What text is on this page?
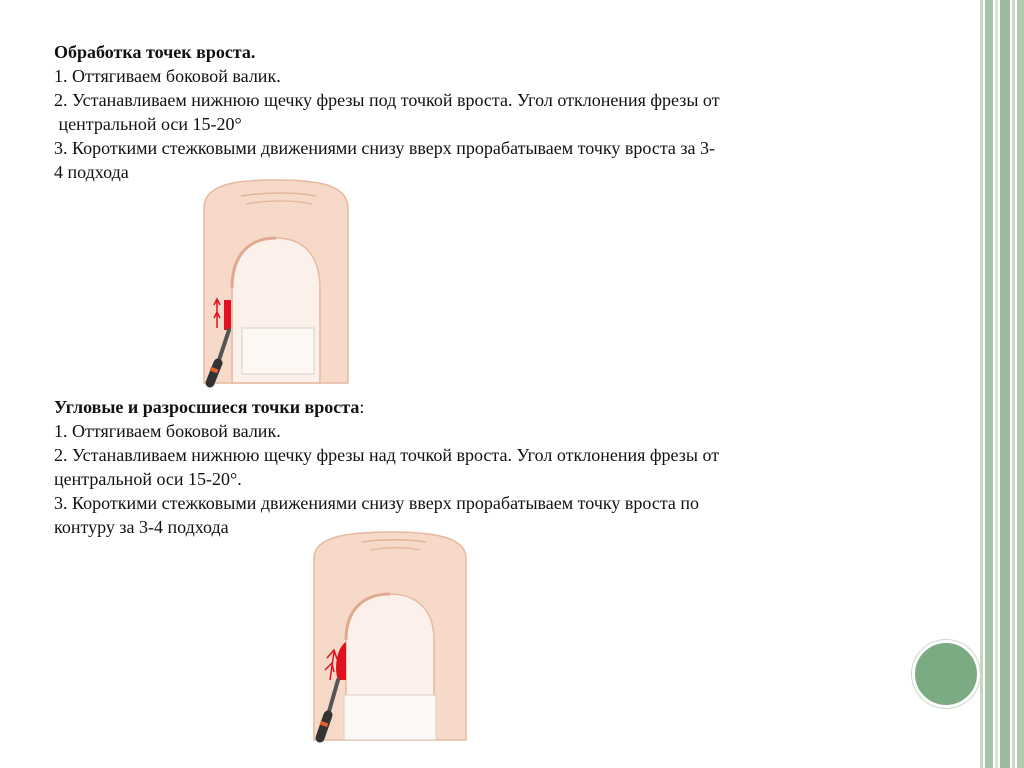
Обработка точек вроста.

1. Оттягиваем боковой валик.

2. Устанавливаем нижнюю щечку фрезы под точкой вроста. Угол отклонения фрезы от

центральной оси 15-20°

3. Короткими стежковыми движениями снизу вверх прорабатываем точку вроста за 3-

4 подхода

Угловые и разросшиеся точки вроста:

1. Оттягиваем боковой валик.

2. Устанавливаем нижнюю щечку фрезы над точкой вроста. Угол отклонения фрезы от

центральной оси 15-20°.

3. Короткими стежковыми движениями снизу вверх прорабатываем точку вроста по

контуру за 3-4 подхода
